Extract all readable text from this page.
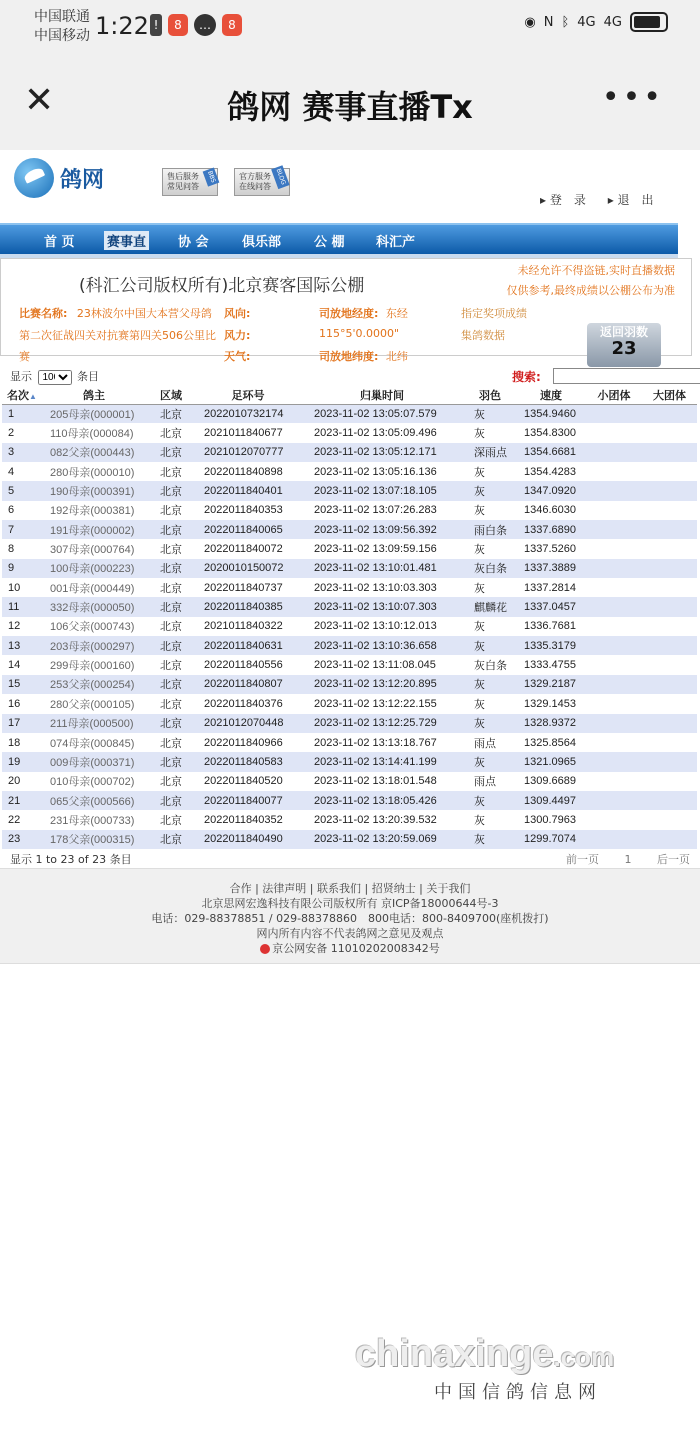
中国联通
中国移动 1:22 !	8	…	8	◉ N ᛒ 4G 4G
✕	鸽网 赛事直播Tx	•••
鸽网	售后服务
常见问答
BBS	官方服务
在线问答
BLOG
▸ 登　录 ▸ 退　出
首 页 赛事直 协 会	俱乐部	公 棚 科汇产
(科汇公司版权所有)北京赛客国际公棚
未经允许不得盗链,实时直播数据
仅供参考,最终成绩以公棚公布为准
比赛名称: 23林波尔中国大本营父母鸽
第二次征战四关对抗赛第四关506公里比
赛
风向:
风力:
天气:
司放地经度: 东经
115°5'0.0000"
司放地纬度: 北纬
指定奖项成绩
集鸽数据	返回羽数
23
显示
100	条目	搜索:
名次▲	鸽主	区域	足环号	归巢时间	羽色	速度	小团体	大团体
1	205母亲(000001)	北京	2022010732174	2023-11-02 13:05:07.579	灰	1354.9460		
2	110母亲(000084)	北京	2021011840677	2023-11-02 13:05:09.496	灰	1354.8300		
3	082父亲(000443)	北京	2021012070777	2023-11-02 13:05:12.171	深雨点	1354.6681		
4	280母亲(000010)	北京	2022011840898	2023-11-02 13:05:16.136	灰	1354.4283		
5	190母亲(000391)	北京	2022011840401	2023-11-02 13:07:18.105	灰	1347.0920		
6	192母亲(000381)	北京	2022011840353	2023-11-02 13:07:26.283	灰	1346.6030		
7	191母亲(000002)	北京	2022011840065	2023-11-02 13:09:56.392	雨白条	1337.6890		
8	307母亲(000764)	北京	2022011840072	2023-11-02 13:09:59.156	灰	1337.5260		
9	100母亲(000223)	北京	2020010150072	2023-11-02 13:10:01.481	灰白条	1337.3889		
10	001母亲(000449)	北京	2022011840737	2023-11-02 13:10:03.303	灰	1337.2814		
11	332母亲(000050)	北京	2022011840385	2023-11-02 13:10:07.303	麒麟花	1337.0457		
12	106父亲(000743)	北京	2021011840322	2023-11-02 13:10:12.013	灰	1336.7681		
13	203母亲(000297)	北京	2022011840631	2023-11-02 13:10:36.658	灰	1335.3179		
14	299母亲(000160)	北京	2022011840556	2023-11-02 13:11:08.045	灰白条	1333.4755		
15	253父亲(000254)	北京	2022011840807	2023-11-02 13:12:20.895	灰	1329.2187		
16	280父亲(000105)	北京	2022011840376	2023-11-02 13:12:22.155	灰	1329.1453		
17	211母亲(000500)	北京	2021012070448	2023-11-02 13:12:25.729	灰	1328.9372		
18	074母亲(000845)	北京	2022011840966	2023-11-02 13:13:18.767	雨点	1325.8564		
19	009母亲(000371)	北京	2022011840583	2023-11-02 13:14:41.199	灰	1321.0965		
20	010母亲(000702)	北京	2022011840520	2023-11-02 13:18:01.548	雨点	1309.6689		
21	065父亲(000566)	北京	2022011840077	2023-11-02 13:18:05.426	灰	1309.4497		
22	231母亲(000733)	北京	2022011840352	2023-11-02 13:20:39.532	灰	1300.7963		
23	178父亲(000315)	北京	2022011840490	2023-11-02 13:20:59.069	灰	1299.7074		
显示 1 to 23 of 23 条目	前一页 1 后一页
合作 | 法律声明 | 联系我们 | 招贤纳士 | 关于我们
北京思网宏逸科技有限公司版权所有 京ICP备18000644号-3
电话：029-88378851 / 029-88378860　800电话：800-8409700(座机拨打)
网内所有内容不代表鸽网之意见及观点
京公网安备 11010202008342号
chinaxinge.com
中国信鸽信息网
